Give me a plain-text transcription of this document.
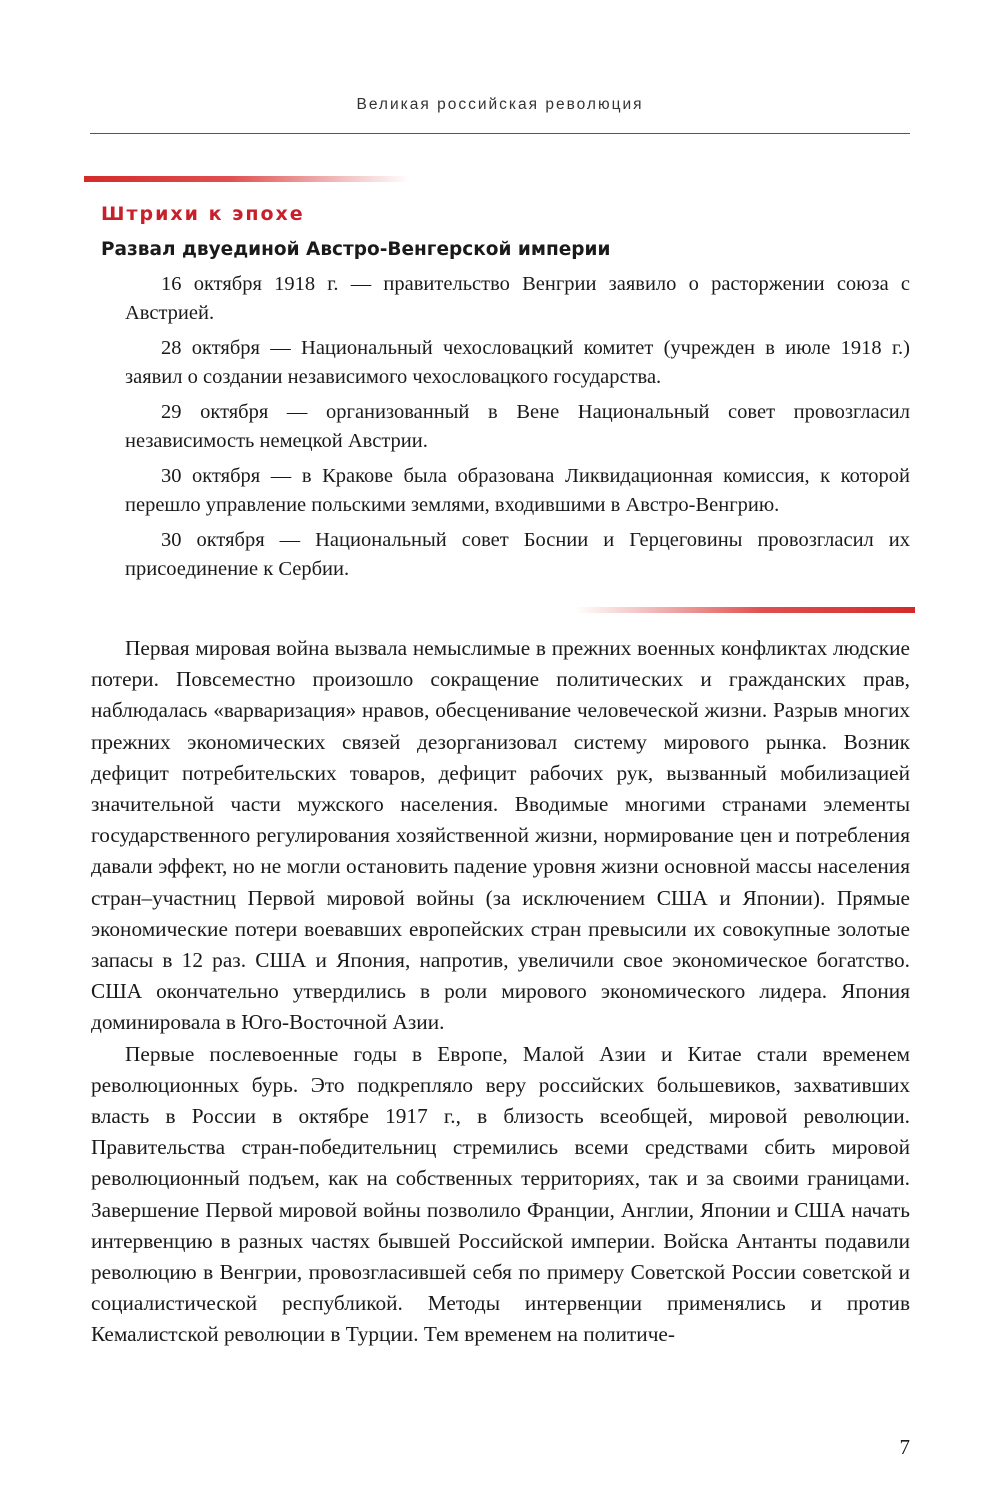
Великая российская революция
Штрихи к эпохе
Развал двуединой Австро-Венгерской империи

16 октября 1918 г. — правительство Венгрии заявило о расторжении союза с Австрией.

28 октября — Национальный чехословацкий комитет (учрежден в июле 1918 г.) заявил о создании независимого чехословацкого государства.

29 октября — организованный в Вене Национальный совет провозгласил независимость немецкой Австрии.

30 октября — в Кракове была образована Ликвидационная комиссия, к которой перешло управление польскими землями, входившими в Австро-Венгрию.

30 октября — Национальный совет Боснии и Герцеговины провозгласил их присоединение к Сербии.

Первая мировая война вызвала немыслимые в прежних военных конфликтах людские потери. Повсеместно произошло сокращение политических и гражданских прав, наблюдалась «варваризация» нравов, обесценивание человеческой жизни. Разрыв многих прежних экономических связей дезорганизовал систему мирового рынка. Возник дефицит потребительских товаров, дефицит рабочих рук, вызванный мобилизацией значительной части мужского населения. Вводимые многими странами элементы государственного регулирования хозяйственной жизни, нормирование цен и потребления давали эффект, но не могли остановить падение уровня жизни основной массы населения стран–участниц Первой мировой войны (за исключением США и Японии). Прямые экономические потери воевавших европейских стран превысили их совокупные золотые запасы в 12 раз. США и Япония, напротив, увеличили свое экономическое богатство. США окончательно утвердились в роли мирового экономического лидера. Япония доминировала в Юго-Восточной Азии.

Первые послевоенные годы в Европе, Малой Азии и Китае стали временем революционных бурь. Это подкрепляло веру российских большевиков, захвативших власть в России в октябре 1917 г., в близость всеобщей, мировой революции. Правительства стран-победительниц стремились всеми средствами сбить мировой революционный подъем, как на собственных территориях, так и за своими границами. Завершение Первой мировой войны позволило Франции, Англии, Японии и США начать интервенцию в разных частях бывшей Российской империи. Войска Антанты подавили революцию в Венгрии, провозгласившей себя по примеру Советской России советской и социалистической республикой. Методы интервенции применялись и против Кемалистской революции в Турции. Тем временем на политиче-

7
